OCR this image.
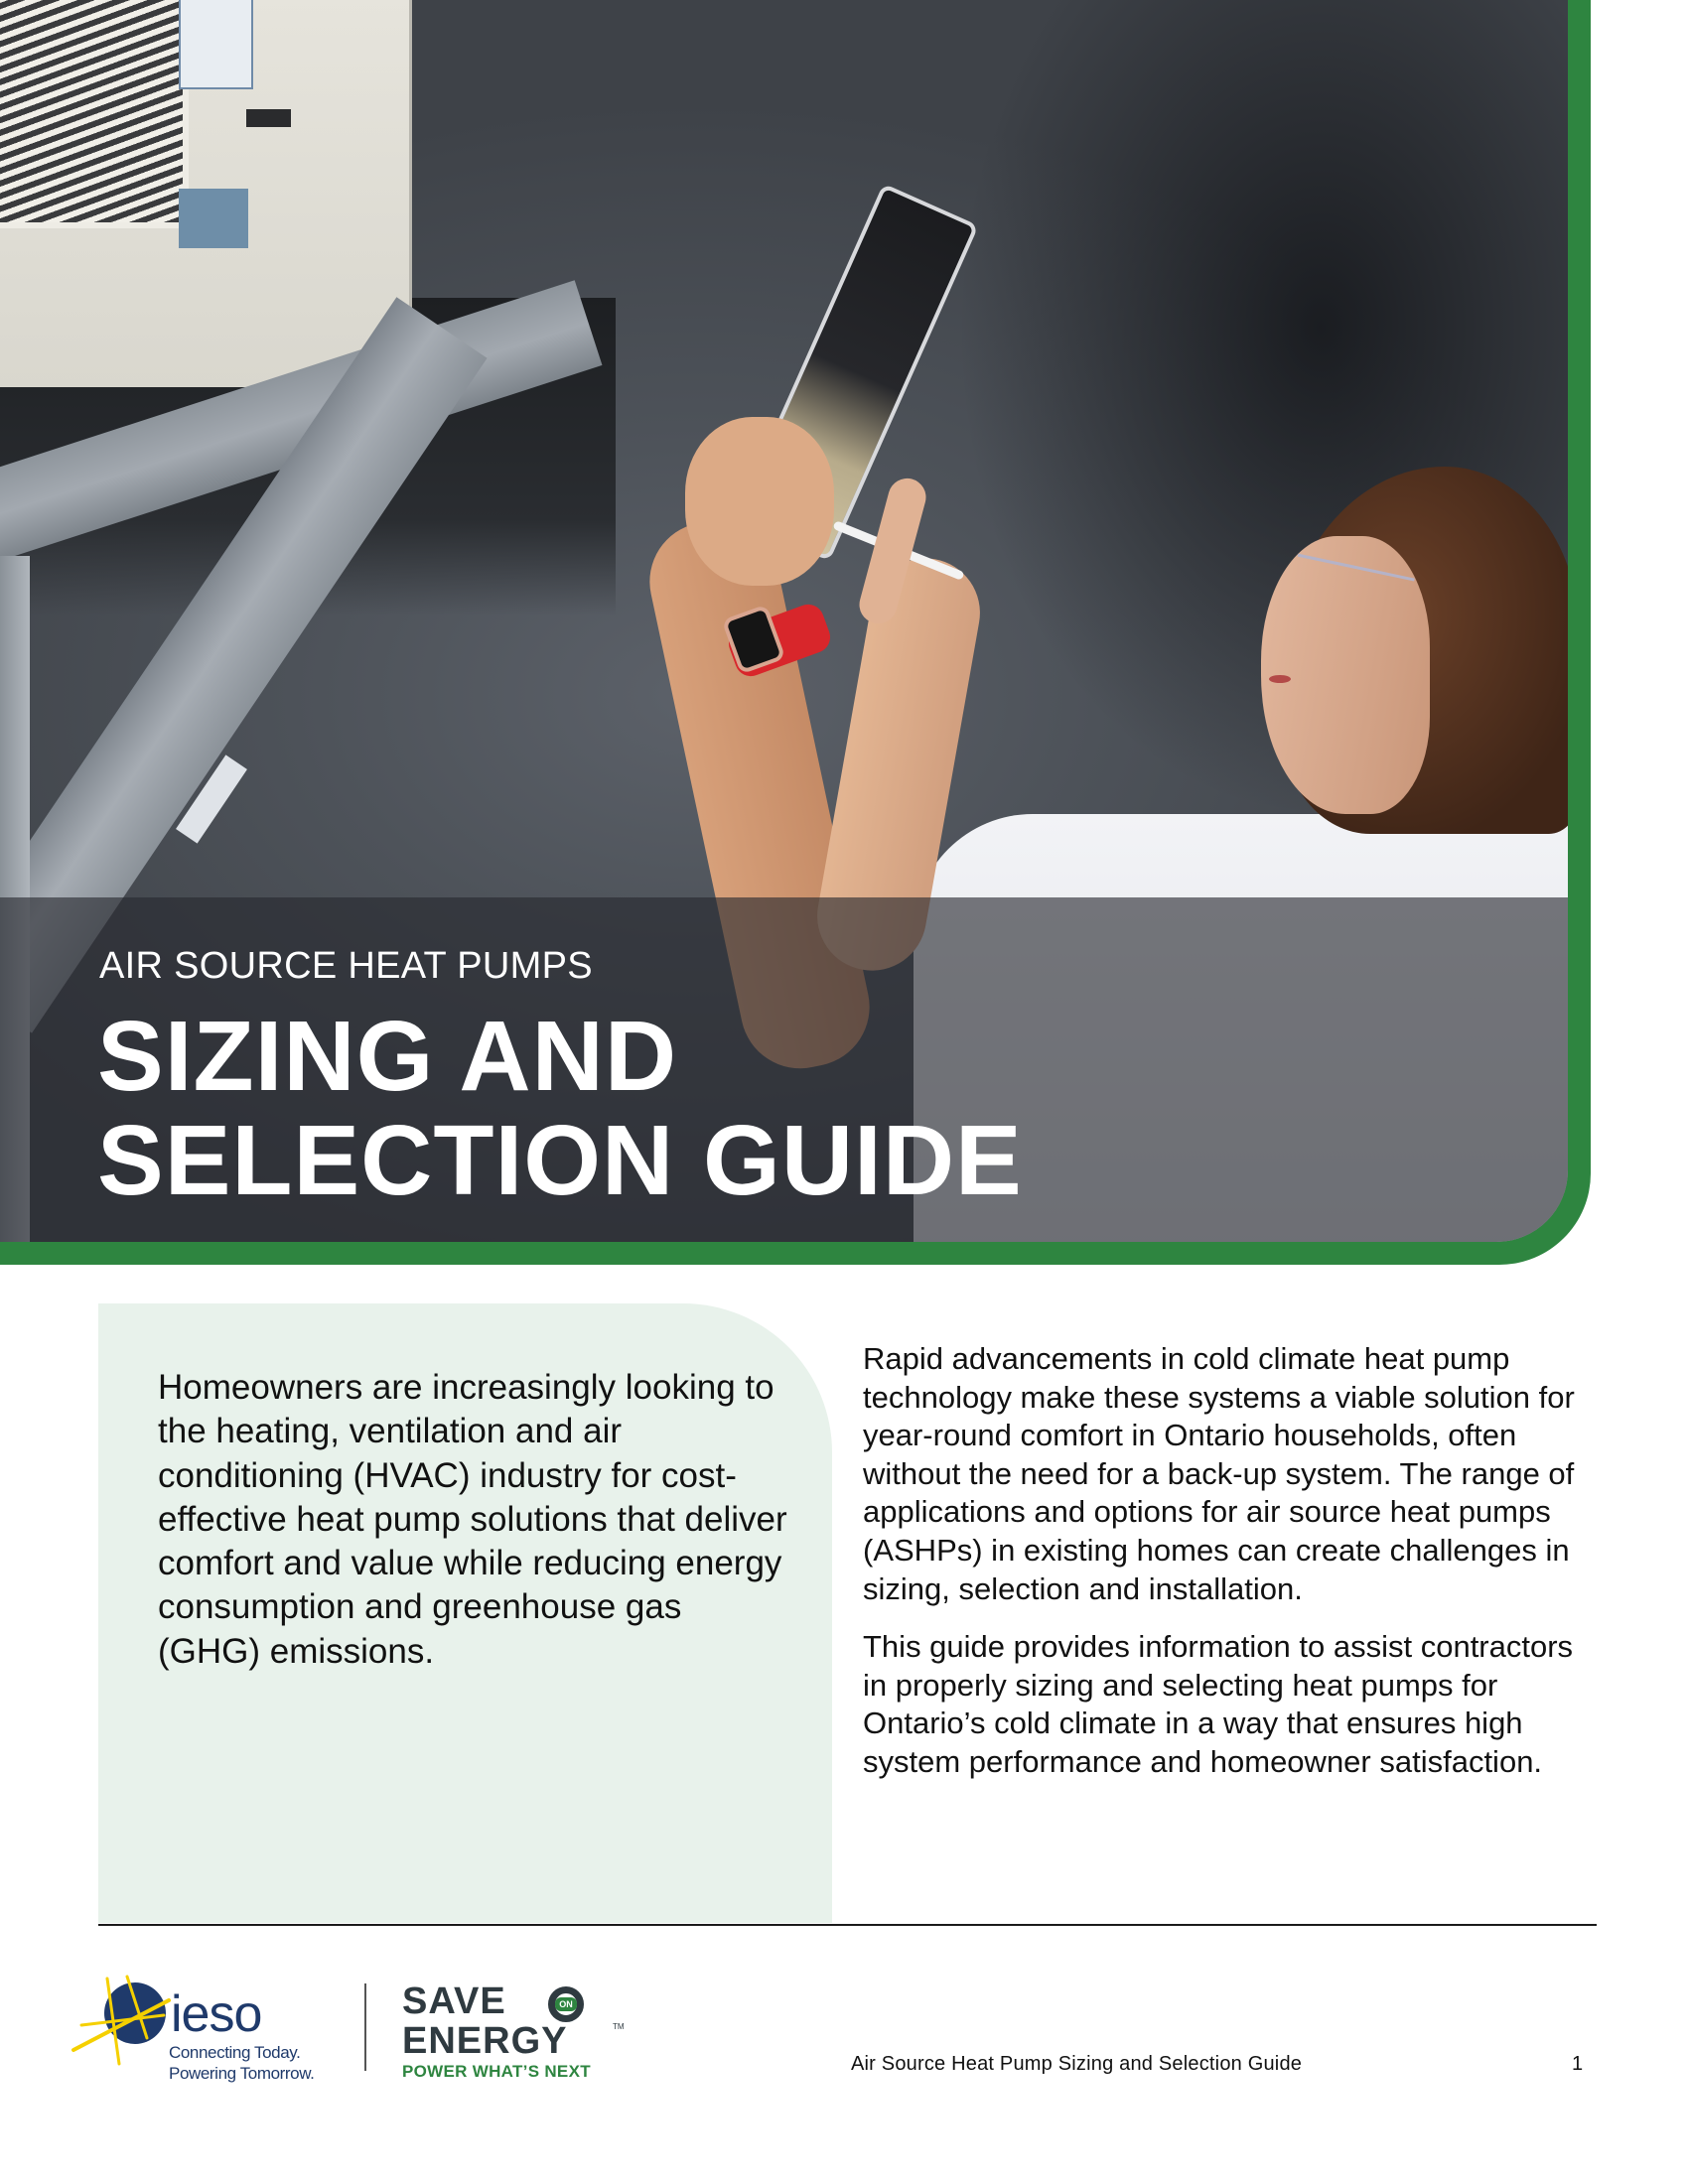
AIR SOURCE HEAT PUMPS
SIZING AND
SELECTION GUIDE

Homeowners are increasingly looking to the heating, ventilation and air conditioning (HVAC) industry for cost-effective heat pump solutions that deliver comfort and value while reducing energy consumption and greenhouse gas (GHG) emissions.

Rapid advancements in cold climate heat pump technology make these systems a viable solution for year-round comfort in Ontario households, often without the need for a back-up system. The range of applications and options for air source heat pumps (ASHPs) in existing homes can create challenges in sizing, selection and installation.

This guide provides information to assist contractors in properly sizing and selecting heat pumps for Ontario’s cold climate in a way that ensures high system performance and homeowner satisfaction.

ieso
Connecting Today.
Powering Tomorrow.
SAVE	ON
ENERGY	TM
POWER WHAT’S NEXT	Air Source Heat Pump Sizing and Selection Guide	1
